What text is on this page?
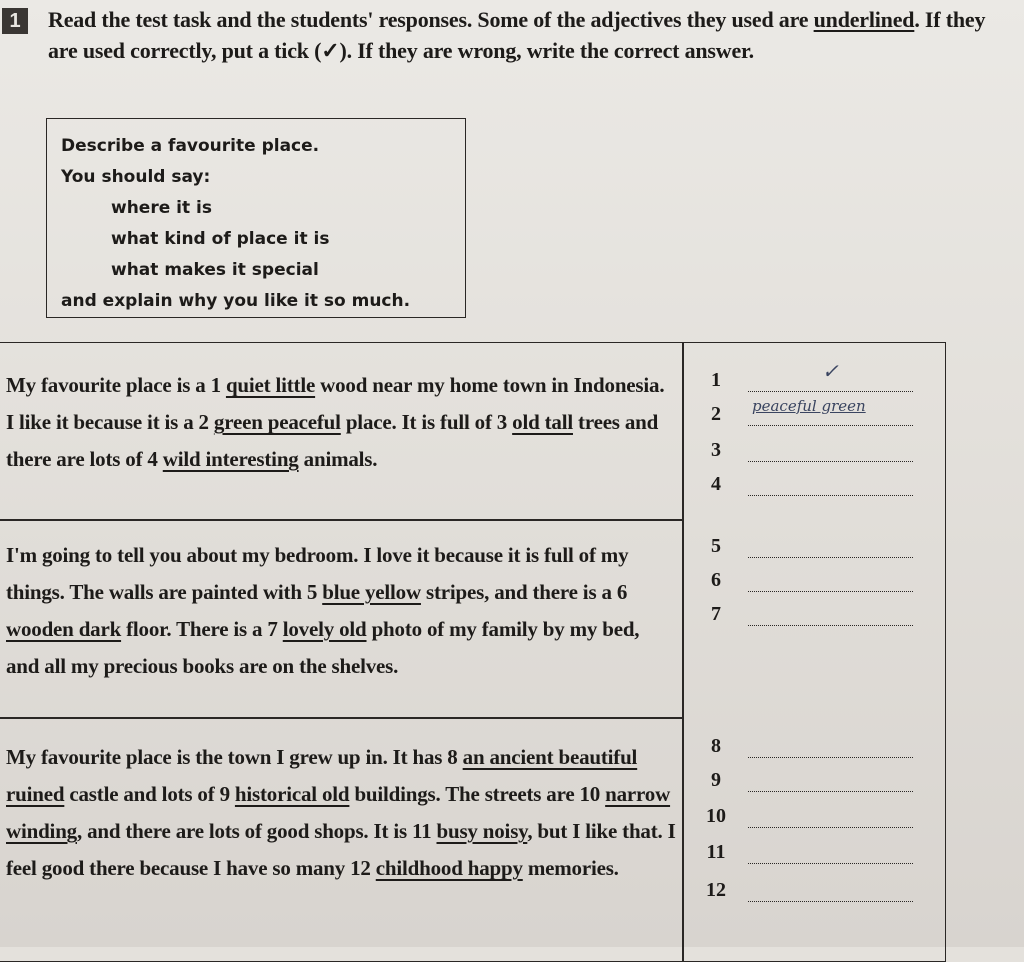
1	Read the test task and the students' responses. Some of the adjectives they used are underlined. If they are used correctly, put a tick (✓). If they are wrong, write the correct answer.
Describe a favourite place.
You should say:
where it is
what kind of place it is
what makes it special
and explain why you like it so much.
My favourite place is a 1 quiet little wood near my home town in Indonesia. I like it because it is a 2 green peaceful place. It is full of 3 old tall trees and there are lots of 4 wild interesting animals.
I'm going to tell you about my bedroom. I love it because it is full of my things. The walls are painted with 5 blue yellow stripes, and there is a 6 wooden dark floor. There is a 7 lovely old photo of my family by my bed, and all my precious books are on the shelves.
My favourite place is the town I grew up in. It has 8 an ancient beautiful ruined castle and lots of 9 historical old buildings. The streets are 10 narrow winding, and there are lots of good shops. It is 11 busy noisy, but I like that. I feel good there because I have so many 12 childhood happy memories.
1	✓
2	peaceful green
3
4
5
6
7
8
9
10
11
12
